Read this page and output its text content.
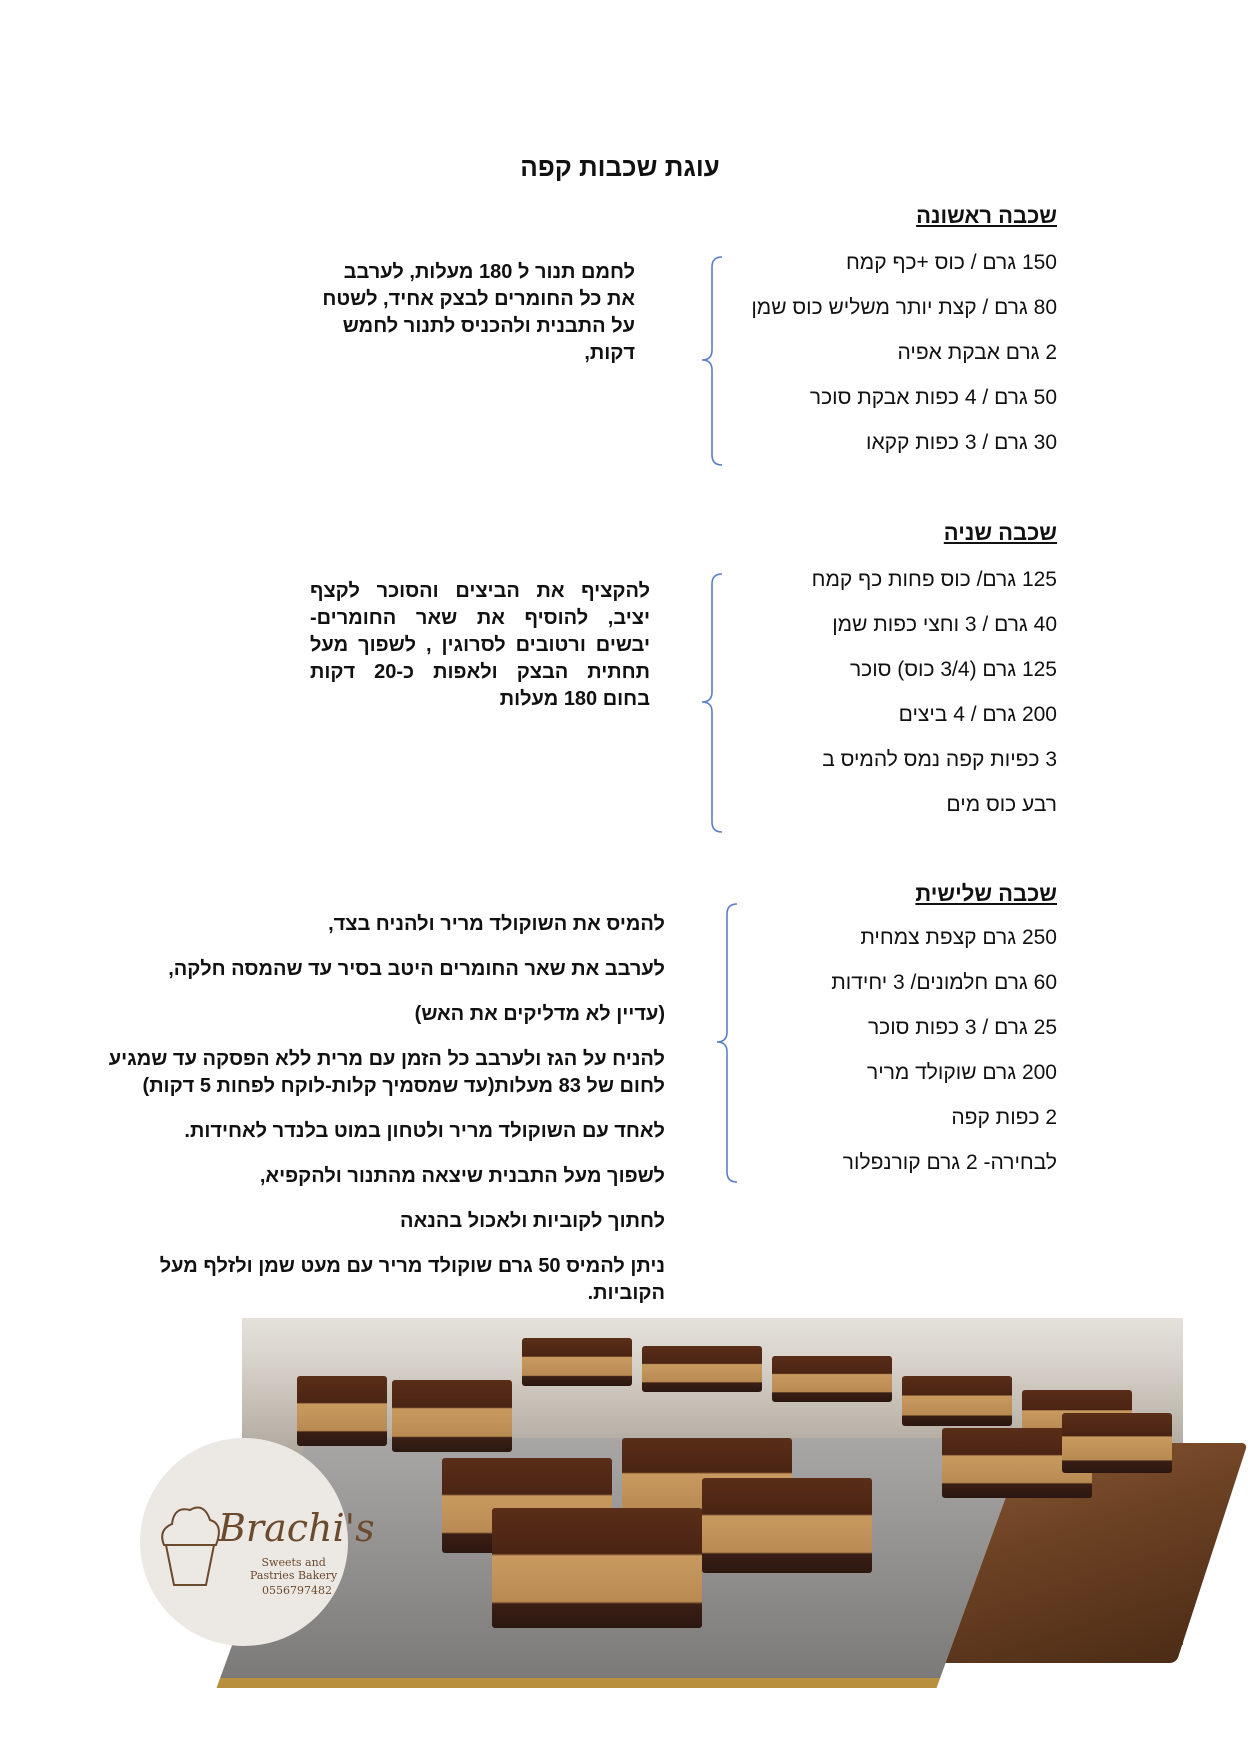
עוגת שכבות קפה
שכבה ראשונה
150 גרם / כוס +כף קמח
80 גרם / קצת יותר משליש כוס שמן
2 גרם אבקת אפיה
50 גרם / 4 כפות אבקת סוכר
30 גרם / 3 כפות קקאו
לחמם תנור ל 180 מעלות, לערבב
את כל החומרים לבצק אחיד, לשטח
על התבנית ולהכניס לתנור לחמש
דקות,
שכבה שניה
125 גרם/ כוס פחות כף קמח
40 גרם / 3 וחצי כפות שמן
125 גרם (3/4 כוס) סוכר
200 גרם / 4 ביצים
3 כפיות קפה נמס להמיס ב
רבע כוס מים
להקציף את הביצים והסוכר לקצף
יציב, להוסיף את שאר החומרים-
יבשים ורטובים לסרוגין , לשפוך מעל
תחתית הבצק ולאפות כ-20 דקות
בחום 180 מעלות
שכבה שלישית
250 גרם קצפת צמחית
60 גרם חלמונים/ 3 יחידות
25 גרם / 3 כפות סוכר
200 גרם שוקולד מריר
2 כפות קפה
לבחירה- 2 גרם קורנפלור
להמיס את השוקולד מריר ולהניח בצד,
לערבב את שאר החומרים היטב בסיר עד שהמסה חלקה,
(עדיין לא מדליקים את האש)
להניח על הגז ולערבב כל הזמן עם מרית ללא הפסקה עד שמגיע
לחום של 83 מעלות(עד שמסמיך קלות-לוקח לפחות 5 דקות)
לאחד עם השוקולד מריר ולטחון במוט בלנדר לאחידות.
לשפוך מעל התבנית שיצאה מהתנור ולהקפיא,
לחתוך לקוביות ולאכול בהנאה
ניתן להמיס 50 גרם שוקולד מריר עם מעט שמן ולזלף מעל
הקוביות.
Brachi's
Sweets and
Pastries Bakery
0556797482
